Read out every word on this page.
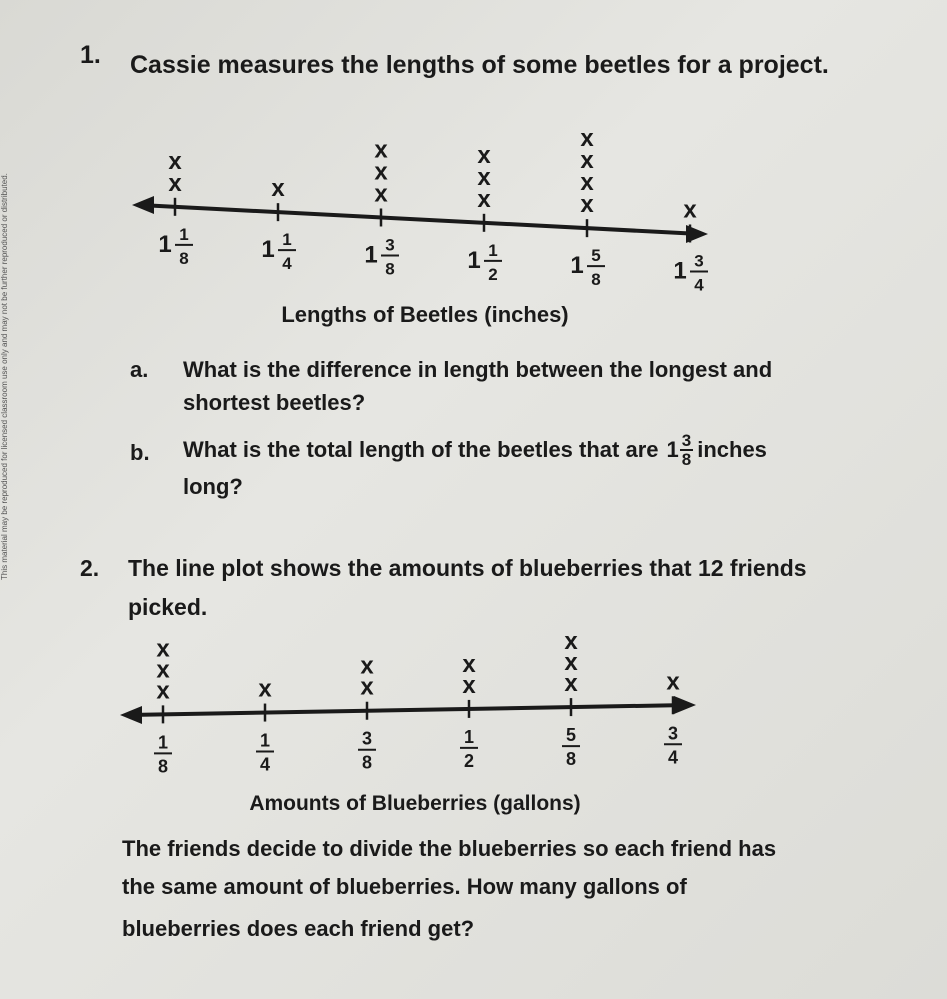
This material may be reproduced for licensed classroom use only and may not be further reproduced or distributed.
1. Cassie measures the lengths of some beetles for a project.
1 1
8
x
x
1 1
4
x
1 3
8
x
x
x
1 1
2
x
x
x
1 5
8
x
x
x
x
1 3
4
x
Lengths of Beetles (inches)
a. What is the difference in length between the longest and
shortest beetles?
b. What is the total length of the beetles that are $1 \frac{3}{8}$ inches
long?
2. The line plot shows the amounts of blueberries that 12 friends
picked.
1
8
x
x
x
1
4
x
3
8
x
x
1
2
x
x
5
8
x
x
x
3
4
x
Amounts of Blueberries (gallons)
The friends decide to divide the blueberries so each friend has
the same amount of blueberries. How many gallons of
blueberries does each friend get?
